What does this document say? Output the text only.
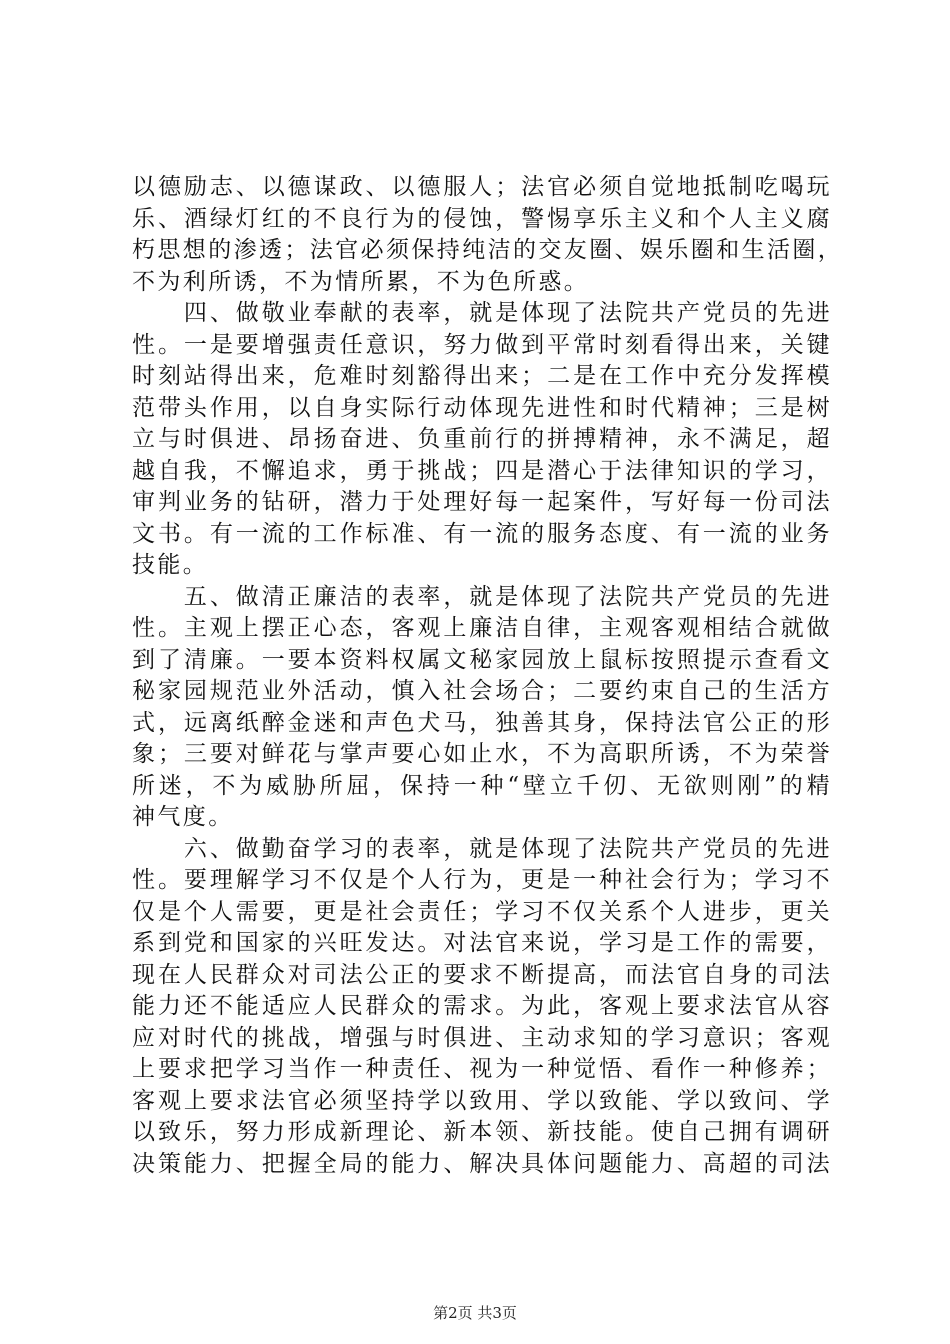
以德励志、以德谋政、以德服人；法官必须自觉地抵制吃喝玩
乐、酒绿灯红的不良行为的侵蚀，警惕享乐主义和个人主义腐
朽思想的渗透；法官必须保持纯洁的交友圈、娱乐圈和生活圈，
不为利所诱，不为情所累，不为色所惑。
　　四、做敬业奉献的表率，就是体现了法院共产党员的先进
性。一是要增强责任意识，努力做到平常时刻看得出来，关键
时刻站得出来，危难时刻豁得出来；二是在工作中充分发挥模
范带头作用，以自身实际行动体现先进性和时代精神；三是树
立与时俱进、昂扬奋进、负重前行的拼搏精神，永不满足，超
越自我，不懈追求，勇于挑战；四是潜心于法律知识的学习，
审判业务的钻研，潜力于处理好每一起案件，写好每一份司法
文书。有一流的工作标准、有一流的服务态度、有一流的业务
技能。
　　五、做清正廉洁的表率，就是体现了法院共产党员的先进
性。主观上摆正心态，客观上廉洁自律，主观客观相结合就做
到了清廉。一要本资料权属文秘家园放上鼠标按照提示查看文
秘家园规范业外活动，慎入社会场合；二要约束自己的生活方
式，远离纸醉金迷和声色犬马，独善其身，保持法官公正的形
象；三要对鲜花与掌声要心如止水，不为高职所诱，不为荣誉
所迷，不为威胁所屈，保持一种“壁立千仞、无欲则刚”的精
神气度。
　　六、做勤奋学习的表率，就是体现了法院共产党员的先进
性。要理解学习不仅是个人行为，更是一种社会行为；学习不
仅是个人需要，更是社会责任；学习不仅关系个人进步，更关
系到党和国家的兴旺发达。对法官来说，学习是工作的需要，
现在人民群众对司法公正的要求不断提高，而法官自身的司法
能力还不能适应人民群众的需求。为此，客观上要求法官从容
应对时代的挑战，增强与时俱进、主动求知的学习意识；客观
上要求把学习当作一种责任、视为一种觉悟、看作一种修养；
客观上要求法官必须坚持学以致用、学以致能、学以致问、学
以致乐，努力形成新理论、新本领、新技能。使自己拥有调研
决策能力、把握全局的能力、解决具体问题能力、高超的司法
第2页 共3页
